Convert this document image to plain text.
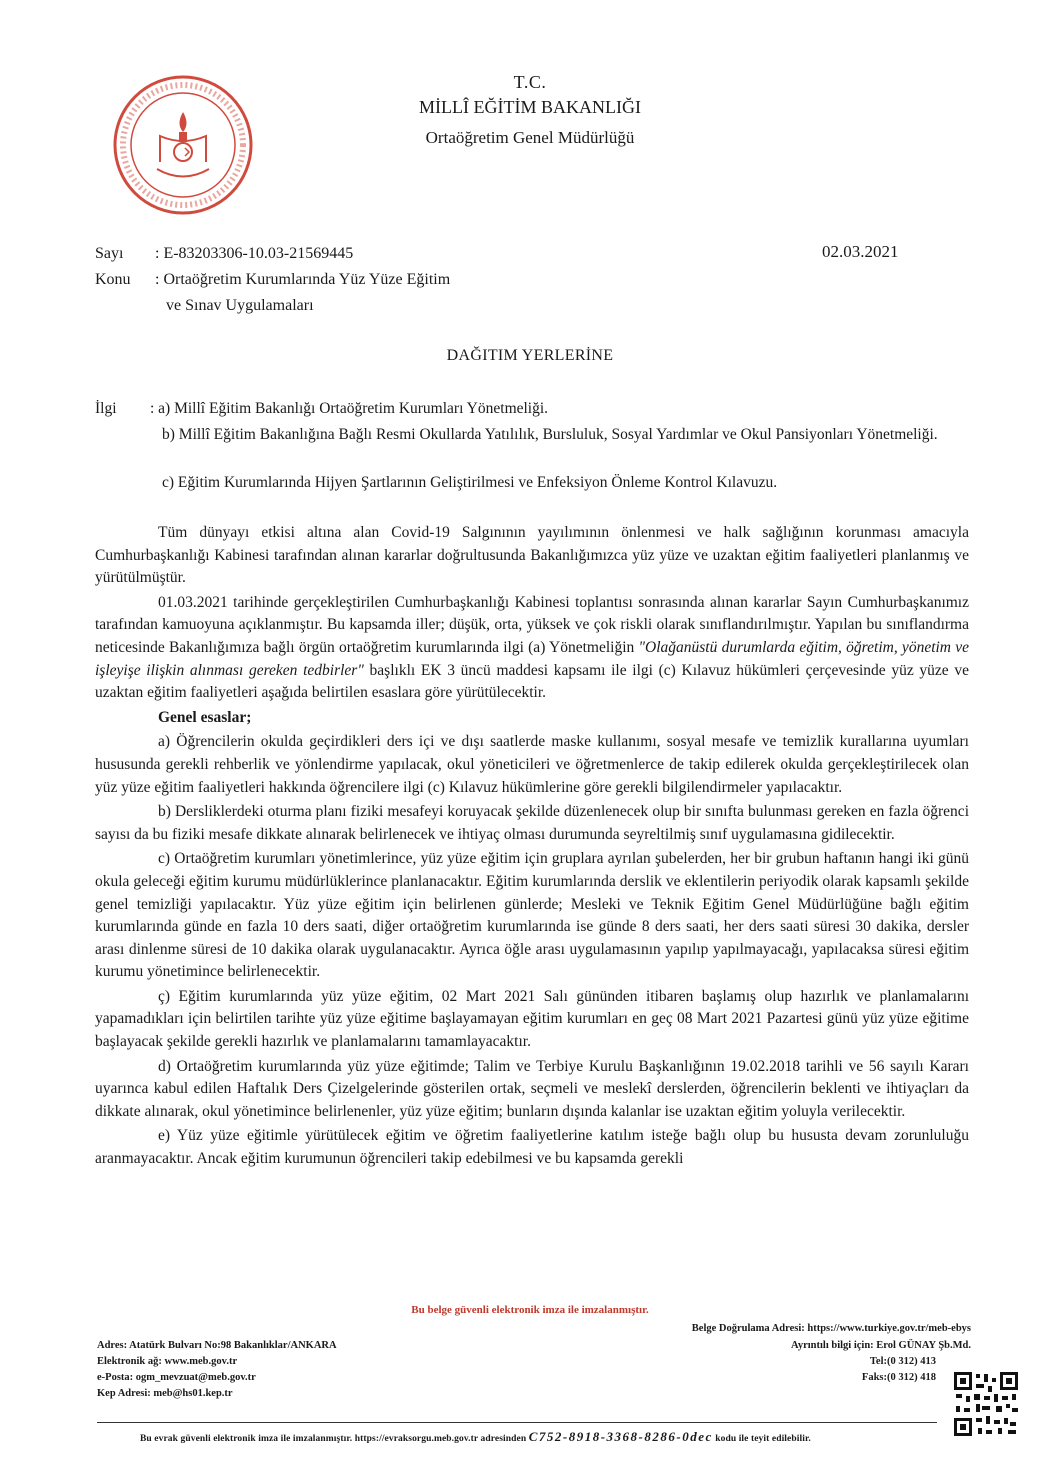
T.C.
MİLLÎ EĞİTİM BAKANLIĞI
Ortaöğretim Genel Müdürlüğü
Sayı : E-83203306-10.03-21569445	02.03.2021
Konu : Ortaöğretim Kurumlarında Yüz Yüze Eğitim
ve Sınav Uygulamaları
DAĞITIM YERLERİNE
İlgi : a) Millî Eğitim Bakanlığı Ortaöğretim Kurumları Yönetmeliği.
b) Millî Eğitim Bakanlığına Bağlı Resmi Okullarda Yatılılık, Bursluluk, Sosyal Yardımlar ve Okul Pansiyonları Yönetmeliği.
c) Eğitim Kurumlarında Hijyen Şartlarının Geliştirilmesi ve Enfeksiyon Önleme Kontrol Kılavuzu.

Tüm dünyayı etkisi altına alan Covid-19 Salgınının yayılımının önlenmesi ve halk sağlığının korunması amacıyla Cumhurbaşkanlığı Kabinesi tarafından alınan kararlar doğrultusunda Bakanlığımızca yüz yüze ve uzaktan eğitim faaliyetleri planlanmış ve yürütülmüştür.

01.03.2021 tarihinde gerçekleştirilen Cumhurbaşkanlığı Kabinesi toplantısı sonrasında alınan kararlar Sayın Cumhurbaşkanımız tarafından kamuoyuna açıklanmıştır. Bu kapsamda iller; düşük, orta, yüksek ve çok riskli olarak sınıflandırılmıştır. Yapılan bu sınıflandırma neticesinde Bakanlığımıza bağlı örgün ortaöğretim kurumlarında ilgi (a) Yönetmeliğin "Olağanüstü durumlarda eğitim, öğretim, yönetim ve işleyişe ilişkin alınması gereken tedbirler" başlıklı EK 3 üncü maddesi kapsamı ile ilgi (c) Kılavuz hükümleri çerçevesinde yüz yüze ve uzaktan eğitim faaliyetleri aşağıda belirtilen esaslara göre yürütülecektir.

Genel esaslar;

a) Öğrencilerin okulda geçirdikleri ders içi ve dışı saatlerde maske kullanımı, sosyal mesafe ve temizlik kurallarına uyumları hususunda gerekli rehberlik ve yönlendirme yapılacak, okul yöneticileri ve öğretmenlerce de takip edilerek okulda gerçekleştirilecek olan yüz yüze eğitim faaliyetleri hakkında öğrencilere ilgi (c) Kılavuz hükümlerine göre gerekli bilgilendirmeler yapılacaktır.

b) Dersliklerdeki oturma planı fiziki mesafeyi koruyacak şekilde düzenlenecek olup bir sınıfta bulunması gereken en fazla öğrenci sayısı da bu fiziki mesafe dikkate alınarak belirlenecek ve ihtiyaç olması durumunda seyreltilmiş sınıf uygulamasına gidilecektir.

c) Ortaöğretim kurumları yönetimlerince, yüz yüze eğitim için gruplara ayrılan şubelerden, her bir grubun haftanın hangi iki günü okula geleceği eğitim kurumu müdürlüklerince planlanacaktır. Eğitim kurumlarında derslik ve eklentilerin periyodik olarak kapsamlı şekilde genel temizliği yapılacaktır. Yüz yüze eğitim için belirlenen günlerde; Mesleki ve Teknik Eğitim Genel Müdürlüğüne bağlı eğitim kurumlarında günde en fazla 10 ders saati, diğer ortaöğretim kurumlarında ise günde 8 ders saati, her ders saati süresi 30 dakika, dersler arası dinlenme süresi de 10 dakika olarak uygulanacaktır. Ayrıca öğle arası uygulamasının yapılıp yapılmayacağı, yapılacaksa süresi eğitim kurumu yönetimince belirlenecektir.

ç) Eğitim kurumlarında yüz yüze eğitim, 02 Mart 2021 Salı gününden itibaren başlamış olup hazırlık ve planlamalarını yapamadıkları için belirtilen tarihte yüz yüze eğitime başlayamayan eğitim kurumları en geç 08 Mart 2021 Pazartesi günü yüz yüze eğitime başlayacak şekilde gerekli hazırlık ve planlamalarını tamamlayacaktır.

d) Ortaöğretim kurumlarında yüz yüze eğitimde; Talim ve Terbiye Kurulu Başkanlığının 19.02.2018 tarihli ve 56 sayılı Kararı uyarınca kabul edilen Haftalık Ders Çizelgelerinde gösterilen ortak, seçmeli ve meslekî derslerden, öğrencilerin beklenti ve ihtiyaçları da dikkate alınarak, okul yönetimince belirlenenler, yüz yüze eğitim; bunların dışında kalanlar ise uzaktan eğitim yoluyla verilecektir.

e) Yüz yüze eğitimle yürütülecek eğitim ve öğretim faaliyetlerine katılım isteğe bağlı olup bu hususta devam zorunluluğu aranmayacaktır. Ancak eğitim kurumunun öğrencileri takip edebilmesi ve bu kapsamda gerekli

Bu belge güvenli elektronik imza ile imzalanmıştır.
Adres: Atatürk Bulvarı No:98 Bakanlıklar/ANKARA
Elektronik ağ: www.meb.gov.tr
e-Posta: ogm_mevzuat@meb.gov.tr
Kep Adresi: meb@hs01.kep.tr
Belge Doğrulama Adresi: https://www.turkiye.gov.tr/meb-ebys
Ayrıntılı bilgi için: Erol GÜNAY Şb.Md.
Tel:(0 312) 413
Faks:(0 312) 418
Bu evrak güvenli elektronik imza ile imzalanmıştır. https://evraksorgu.meb.gov.tr adresinden C752-8918-3368-8286-0dec kodu ile teyit edilebilir.
